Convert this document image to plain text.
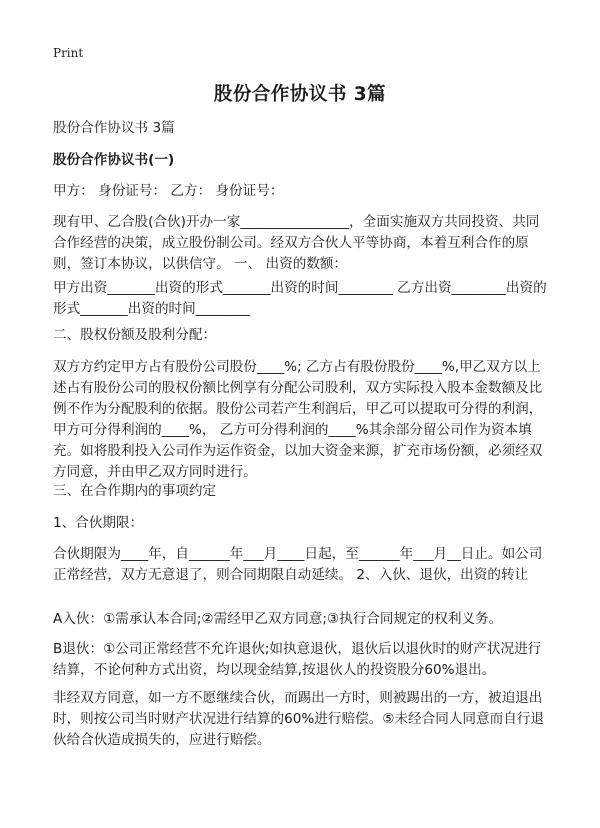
Print
股份合作协议书 3篇
股份合作协议书 3篇
股份合作协议书(一)
甲方： 身份证号： 乙方： 身份证号：
现有甲、乙合股(合伙)开办一家________________，全面实施双方共同投资、共同合作经营的决策，成立股份制公司。经双方合伙人平等协商，本着互利合作的原则，签订本协议，以供信守。 一、 出资的数额：
甲方出资_______出资的形式_______出资的时间________ 乙方出资________出资的形式_______出资的时间________
二、股权份额及股利分配：
双方方约定甲方占有股份公司股份____%; 乙方占有股份股份____%,甲乙双方以上述占有股份公司的股权份额比例享有分配公司股利，双方实际投入股本金数额及比例不作为分配股利的依据。股份公司若产生利润后，甲乙可以提取可分得的利润，甲方可分得利润的____%， 乙方可分得利润的____%其余部分留公司作为资本填充。如将股利投入公司作为运作资金，以加大资金来源，扩充市场份额，必须经双方同意，并由甲乙双方同时进行。
三、在合作期内的事项约定
1、合伙期限：
合伙期限为____年，自______年___月____日起，至______年___月__日止。如公司正常经营，双方无意退了，则合同期限自动延续。 2、入伙、退伙，出资的转让
A入伙：①需承认本合同;②需经甲乙双方同意;③执行合同规定的权利义务。
B退伙：①公司正常经营不允许退伙;如执意退伙，退伙后以退伙时的财产状况进行结算，不论何种方式出资，均以现金结算,按退伙人的投资股分60%退出。
非经双方同意，如一方不愿继续合伙，而踢出一方时，则被踢出的一方，被迫退出时，则按公司当时财产状况进行结算的60%进行赔偿。⑤未经合同人同意而自行退伙给合伙造成损失的，应进行赔偿。
